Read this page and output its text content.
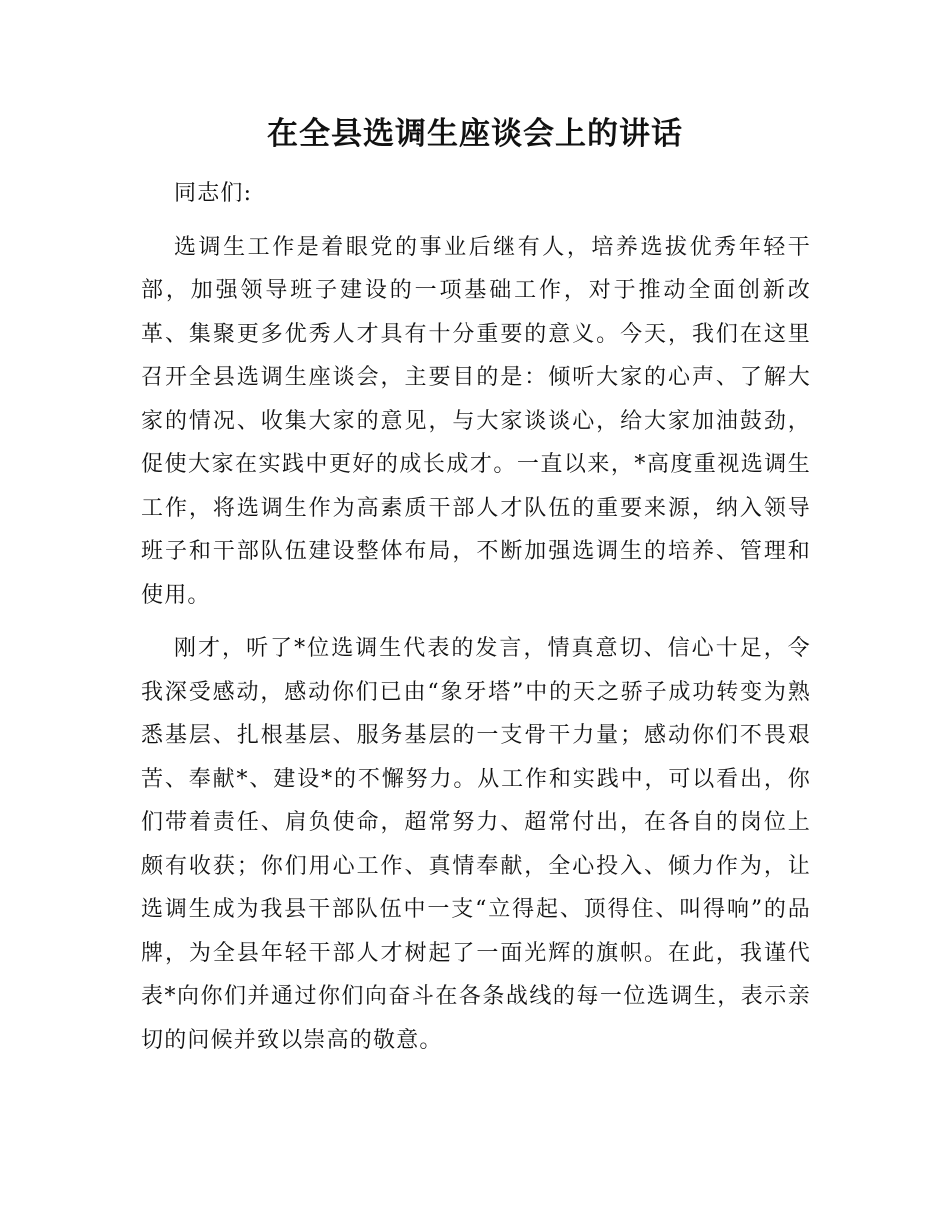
在全县选调生座谈会上的讲话

同志们:

选调生工作是着眼党的事业后继有人，培养选拔优秀年轻干部，加强领导班子建设的一项基础工作，对于推动全面创新改革、集聚更多优秀人才具有十分重要的意义。今天，我们在这里召开全县选调生座谈会，主要目的是：倾听大家的心声、了解大家的情况、收集大家的意见，与大家谈谈心，给大家加油鼓劲，促使大家在实践中更好的成长成才。一直以来，*高度重视选调生工作，将选调生作为高素质干部人才队伍的重要来源，纳入领导班子和干部队伍建设整体布局，不断加强选调生的培养、管理和使用。

刚才，听了*位选调生代表的发言，情真意切、信心十足，令我深受感动，感动你们已由“象牙塔”中的天之骄子成功转变为熟悉基层、扎根基层、服务基层的一支骨干力量；感动你们不畏艰苦、奉献*、建设*的不懈努力。从工作和实践中，可以看出，你们带着责任、肩负使命，超常努力、超常付出，在各自的岗位上颇有收获；你们用心工作、真情奉献，全心投入、倾力作为，让选调生成为我县干部队伍中一支“立得起、顶得住、叫得响”的品牌，为全县年轻干部人才树起了一面光辉的旗帜。在此，我谨代表*向你们并通过你们向奋斗在各条战线的每一位选调生，表示亲切的问候并致以崇高的敬意。
